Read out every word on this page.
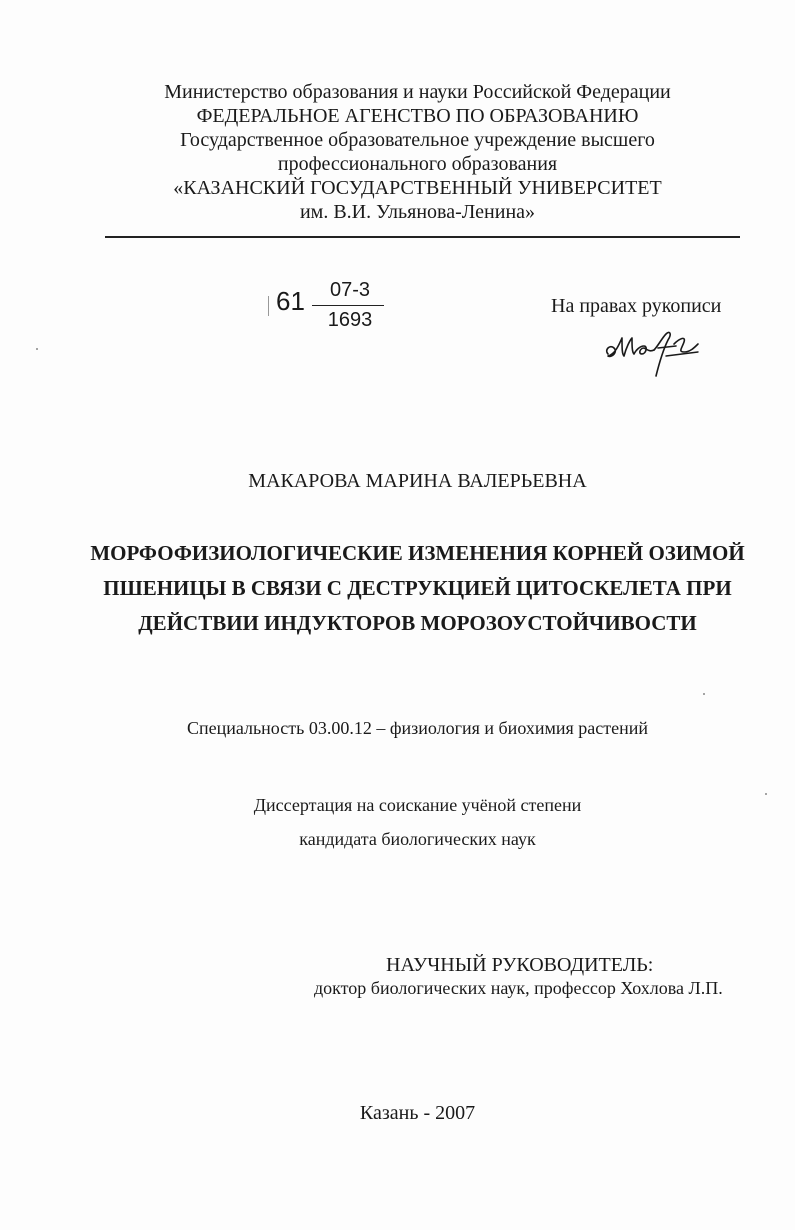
Министерство образования и науки Российской Федерации
ФЕДЕРАЛЬНОЕ АГЕНСТВО ПО ОБРАЗОВАНИЮ
Государственное образовательное учреждение высшего
профессионального образования
«КАЗАНСКИЙ ГОСУДАРСТВЕННЫЙ УНИВЕРСИТЕТ
им. В.И. Ульянова-Ленина»
61	07-3
1693
На правах рукописи
МАКАРОВА МАРИНА ВАЛЕРЬЕВНА
МОРФОФИЗИОЛОГИЧЕСКИЕ ИЗМЕНЕНИЯ КОРНЕЙ ОЗИМОЙ
ПШЕНИЦЫ В СВЯЗИ С ДЕСТРУКЦИЕЙ ЦИТОСКЕЛЕТА ПРИ
ДЕЙСТВИИ ИНДУКТОРОВ МОРОЗОУСТОЙЧИВОСТИ
Специальность 03.00.12 – физиология и биохимия растений
Диссертация на соискание учёной степени
кандидата биологических наук
НАУЧНЫЙ РУКОВОДИТЕЛЬ:
доктор биологических наук, профессор Хохлова Л.П.
Казань - 2007
